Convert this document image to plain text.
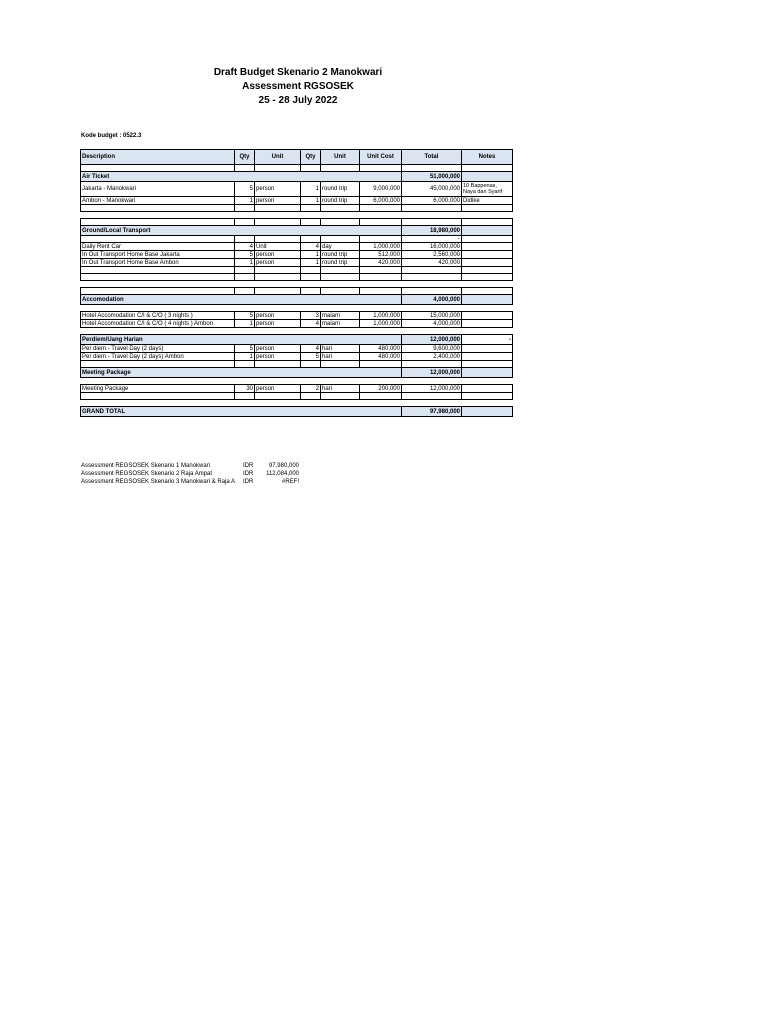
Draft Budget Skenario 2 Manokwari
Assessment RGSOSEK
25 - 28 July 2022
Kode budget : 0522.3
Description	Qty	Unit	Qty	Unit	Unit Cost	Total	Notes

Air Ticket						51,000,000	
Jakarta - Manokwari	5	person	1	round trip	9,000,000	45,000,000	10 Bappenas, Naya dan Syarif
Ambon - Manokwari	1	person	1	round trip	6,000,000	6,000,000	Didike

Ground/Local Transport						18,980,000	
						-	
Daily Rent Car	4	Unit	4	day	1,000,000	16,000,000	
In Out Transport Home Base Jakarta	5	person	1	round trip	512,000	2,560,000	
In Out Transport Home Base Ambon	1	person	1	round trip	420,000	420,000	

Accomodation						4,000,000	

Hotel Accomodation C/I & C/O ( 3 nights )	5	person	3	malam	1,000,000	15,000,000	
Hotel Accomodation C/I & C/O ( 4 nights ) Ambon	1	person	4	malam	1,000,000	4,000,000	

Perdiem/Uang Harian						12,000,000	-
Per diem - Travel Day (2 days)	5	person	4	hari	480,000	9,600,000	
Per diem - Travel Day (2 days) Ambon	1	person	5	hari	480,000	2,400,000	

Meeting Package						12,000,000	

Meeting Package	30	person	2	hari	200,000	12,000,000	

GRAND TOTAL						97,980,000	
Assessment REGSOSEK Skenario 1 Manokwari	IDR	97,980,000
Assessment REGSOSEK Skenario 2 Raja Ampat	IDR	112,084,000
Assessment REGSOSEK Skenario 3 Manokwari & Raja A	IDR	#REF!
